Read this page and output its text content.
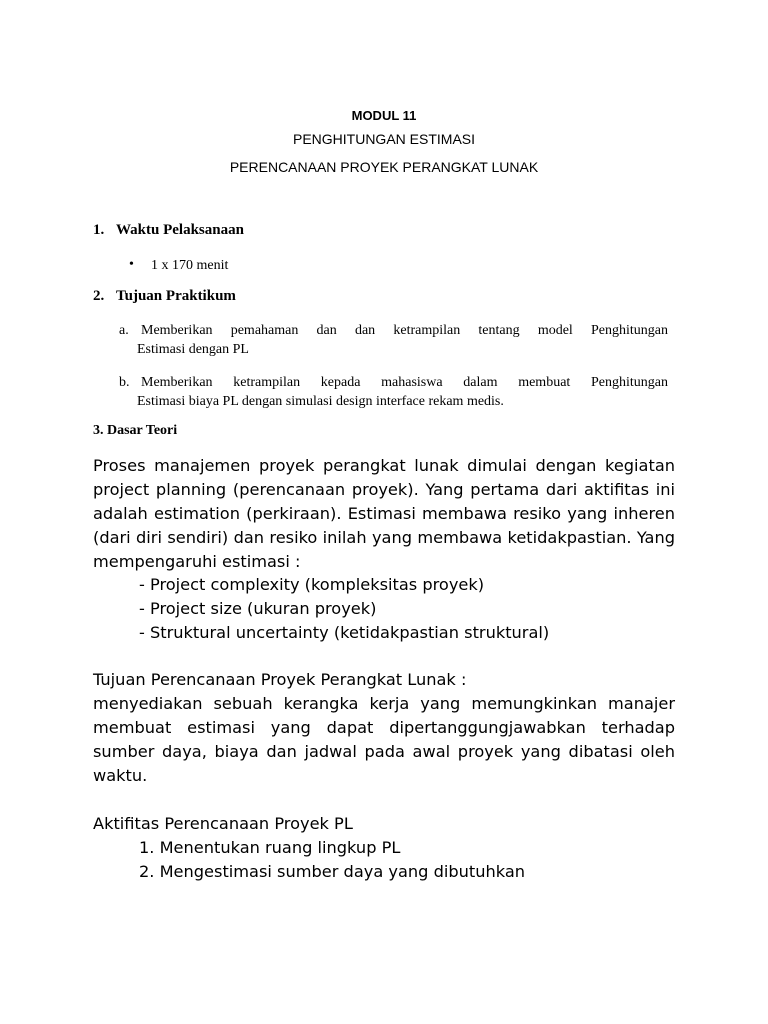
MODUL 11
PENGHITUNGAN ESTIMASI
PERENCANAAN PROYEK PERANGKAT LUNAK
1. Waktu Pelaksanaan
• 1 x 170 menit
2. Tujuan Praktikum
a. Memberikan pemahaman dan dan ketrampilan tentang model Penghitungan
Estimasi dengan PL
b. Memberikan ketrampilan kepada mahasiswa dalam membuat Penghitungan
Estimasi biaya PL dengan simulasi design interface rekam medis.
3. Dasar Teori
Proses manajemen proyek perangkat lunak dimulai dengan kegiatan project planning (perencanaan proyek). Yang pertama dari aktifitas ini adalah estimation (perkiraan). Estimasi membawa resiko yang inheren (dari diri sendiri) dan resiko inilah yang membawa ketidakpastian. Yang mempengaruhi estimasi :
- Project complexity (kompleksitas proyek)
- Project size (ukuran proyek)
- Struktural uncertainty (ketidakpastian struktural)
Tujuan Perencanaan Proyek Perangkat Lunak :
menyediakan sebuah kerangka kerja yang memungkinkan manajer membuat estimasi yang dapat dipertanggungjawabkan terhadap sumber daya, biaya dan jadwal pada awal proyek yang dibatasi oleh waktu.
Aktifitas Perencanaan Proyek PL
1. Menentukan ruang lingkup PL
2. Mengestimasi sumber daya yang dibutuhkan
